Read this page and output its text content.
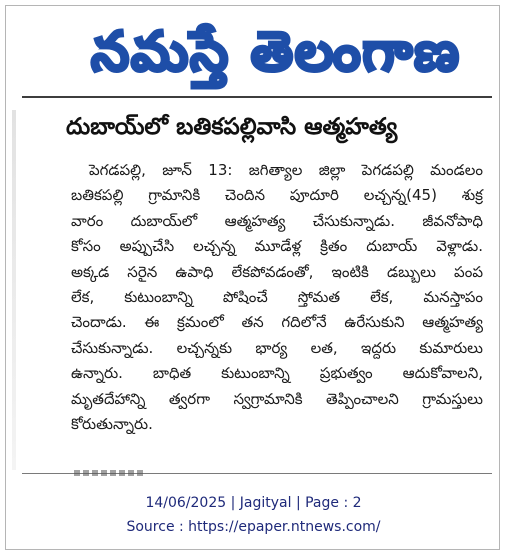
నమస్తే తెలంగాణ
దుబాయ్‌లో బతికపల్లివాసి ఆత్మహత్య
పెగడపల్లి, జూన్ 13: జగిత్యాల జిల్లా పెగడపల్లి మండలం
బతికపల్లి గ్రామానికి చెందిన పూదూరి లచ్చన్న(45) శుక్ర
వారం దుబాయ్‌లో ఆత్మహత్య చేసుకున్నాడు. జీవనోపాధి
కోసం అప్పుచేసి లచ్చన్న మూడేళ్ల క్రితం దుబాయ్ వెళ్లాడు.
అక్కడ సరైన ఉపాధి లేకపోవడంతో, ఇంటికి డబ్బులు పంప
లేక, కుటుంబాన్ని పోషించే స్తోమత లేక, మనస్తాపం
చెందాడు. ఈ క్రమంలో తన గదిలోనే ఉరేసుకుని ఆత్మహత్య
చేసుకున్నాడు. లచ్చన్నకు భార్య లత, ఇద్దరు కుమారులు
ఉన్నారు. బాధిత కుటుంబాన్ని ప్రభుత్వం ఆదుకోవాలని,
మృతదేహాన్ని త్వరగా స్వగ్రామానికి తెప్పించాలని గ్రామస్తులు
కోరుతున్నారు.
14/06/2025 | Jagityal | Page : 2
Source : https://epaper.ntnews.com/
